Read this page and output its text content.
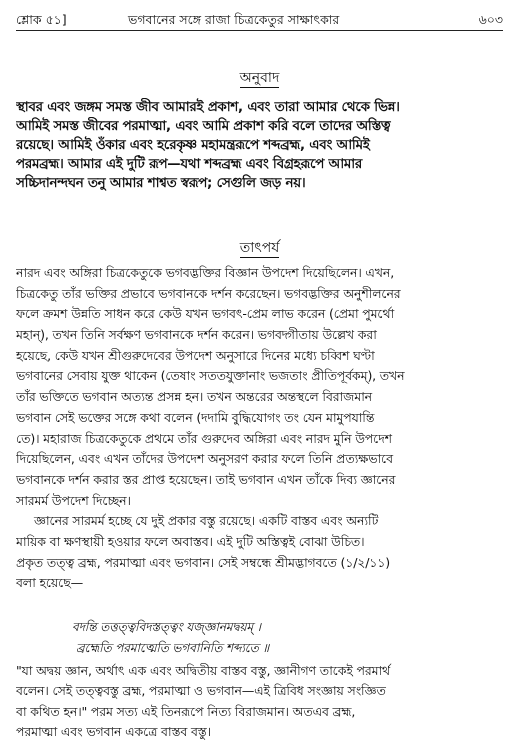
শ্লোক ৫১]	ভগবানের সঙ্গে রাজা চিত্রকেতুর সাক্ষাৎকার	৬০৩
অনুবাদ
স্থাবর এবং জঙ্গম সমস্ত জীব আমারই প্রকাশ, এবং তারা আমার থেকে ভিন্ন।
আমিই সমস্ত জীবের পরমাত্মা, এবং আমি প্রকাশ করি বলে তাদের অস্তিত্ব
রয়েছে। আমিই ওঁকার এবং হরেকৃষ্ণ মহামন্ত্ররূপে শব্দব্রহ্ম, এবং আমিই
পরমব্রহ্ম। আমার এই দুটি রূপ—যথা শব্দব্রহ্ম এবং বিগ্রহরূপে আমার
সচ্চিদানন্দঘন তনু আমার শাশ্বত স্বরূপ; সেগুলি জড় নয়।
তাৎপর্য
নারদ এবং অঙ্গিরা চিত্রকেতুকে ভগবদ্ভক্তির বিজ্ঞান উপদেশ দিয়েছিলেন। এখন,
চিত্রকেতু তাঁর ভক্তির প্রভাবে ভগবানকে দর্শন করেছেন। ভগবদ্ভক্তির অনুশীলনের
ফলে ক্রমশ উন্নতি সাধন করে কেউ যখন ভগবৎ-প্রেম লাভ করেন (প্রেমা পুমর্থো
মহান্), তখন তিনি সর্বক্ষণ ভগবানকে দর্শন করেন। ভগবদ্গীতায় উল্লেখ করা
হয়েছে, কেউ যখন শ্রীগুরুদেবের উপদেশ অনুসারে দিনের মধ্যে চব্বিশ ঘণ্টা
ভগবানের সেবায় যুক্ত থাকেন (তেষাং সততযুক্তানাং ভজতাং প্রীতিপূর্বকম্), তখন
তাঁর ভক্তিতে ভগবান অত্যন্ত প্রসন্ন হন। তখন অন্তরের অন্তস্থলে বিরাজমান
ভগবান সেই ভক্তের সঙ্গে কথা বলেন (দদামি বুদ্ধিযোগং তং যেন মামুপযান্তি
তে)। মহারাজ চিত্রকেতুকে প্রথমে তাঁর গুরুদেব অঙ্গিরা এবং নারদ মুনি উপদেশ
দিয়েছিলেন, এবং এখন তাঁদের উপদেশ অনুসরণ করার ফলে তিনি প্রত্যক্ষভাবে
ভগবানকে দর্শন করার স্তর প্রাপ্ত হয়েছেন। তাই ভগবান এখন তাঁকে দিব্য জ্ঞানের
সারমর্ম উপদেশ দিচ্ছেন।
জ্ঞানের সারমর্ম হচ্ছে যে দুই প্রকার বস্তু রয়েছে। একটি বাস্তব এবং অন্যটি
মায়িক বা ক্ষণস্থায়ী হওয়ার ফলে অবাস্তব। এই দুটি অস্তিত্বই বোঝা উচিত।
প্রকৃত তত্ত্ব ব্রহ্ম, পরমাত্মা এবং ভগবান। সেই সম্বন্ধে শ্রীমদ্ভাগবতে (১/২/১১)
বলা হয়েছে—
বদন্তি তত্তত্ত্ববিদস্তত্ত্বং যজ্জ্ঞানমদ্বয়ম্ ।
ব্রহ্মেতি পরমাত্মেতি ভগবানিতি শব্দ্যতে ॥
"যা অদ্বয় জ্ঞান, অর্থাৎ এক এবং অদ্বিতীয় বাস্তব বস্তু, জ্ঞানীগণ তাকেই পরমার্থ
বলেন। সেই তত্ত্ববস্তু ব্রহ্ম, পরমাত্মা ও ভগবান—এই ত্রিবিধ সংজ্ঞায় সংজ্ঞিত
বা কথিত হন।" পরম সত্য এই তিনরূপে নিত্য বিরাজমান। অতএব ব্রহ্ম,
পরমাত্মা এবং ভগবান একত্রে বাস্তব বস্তু।
